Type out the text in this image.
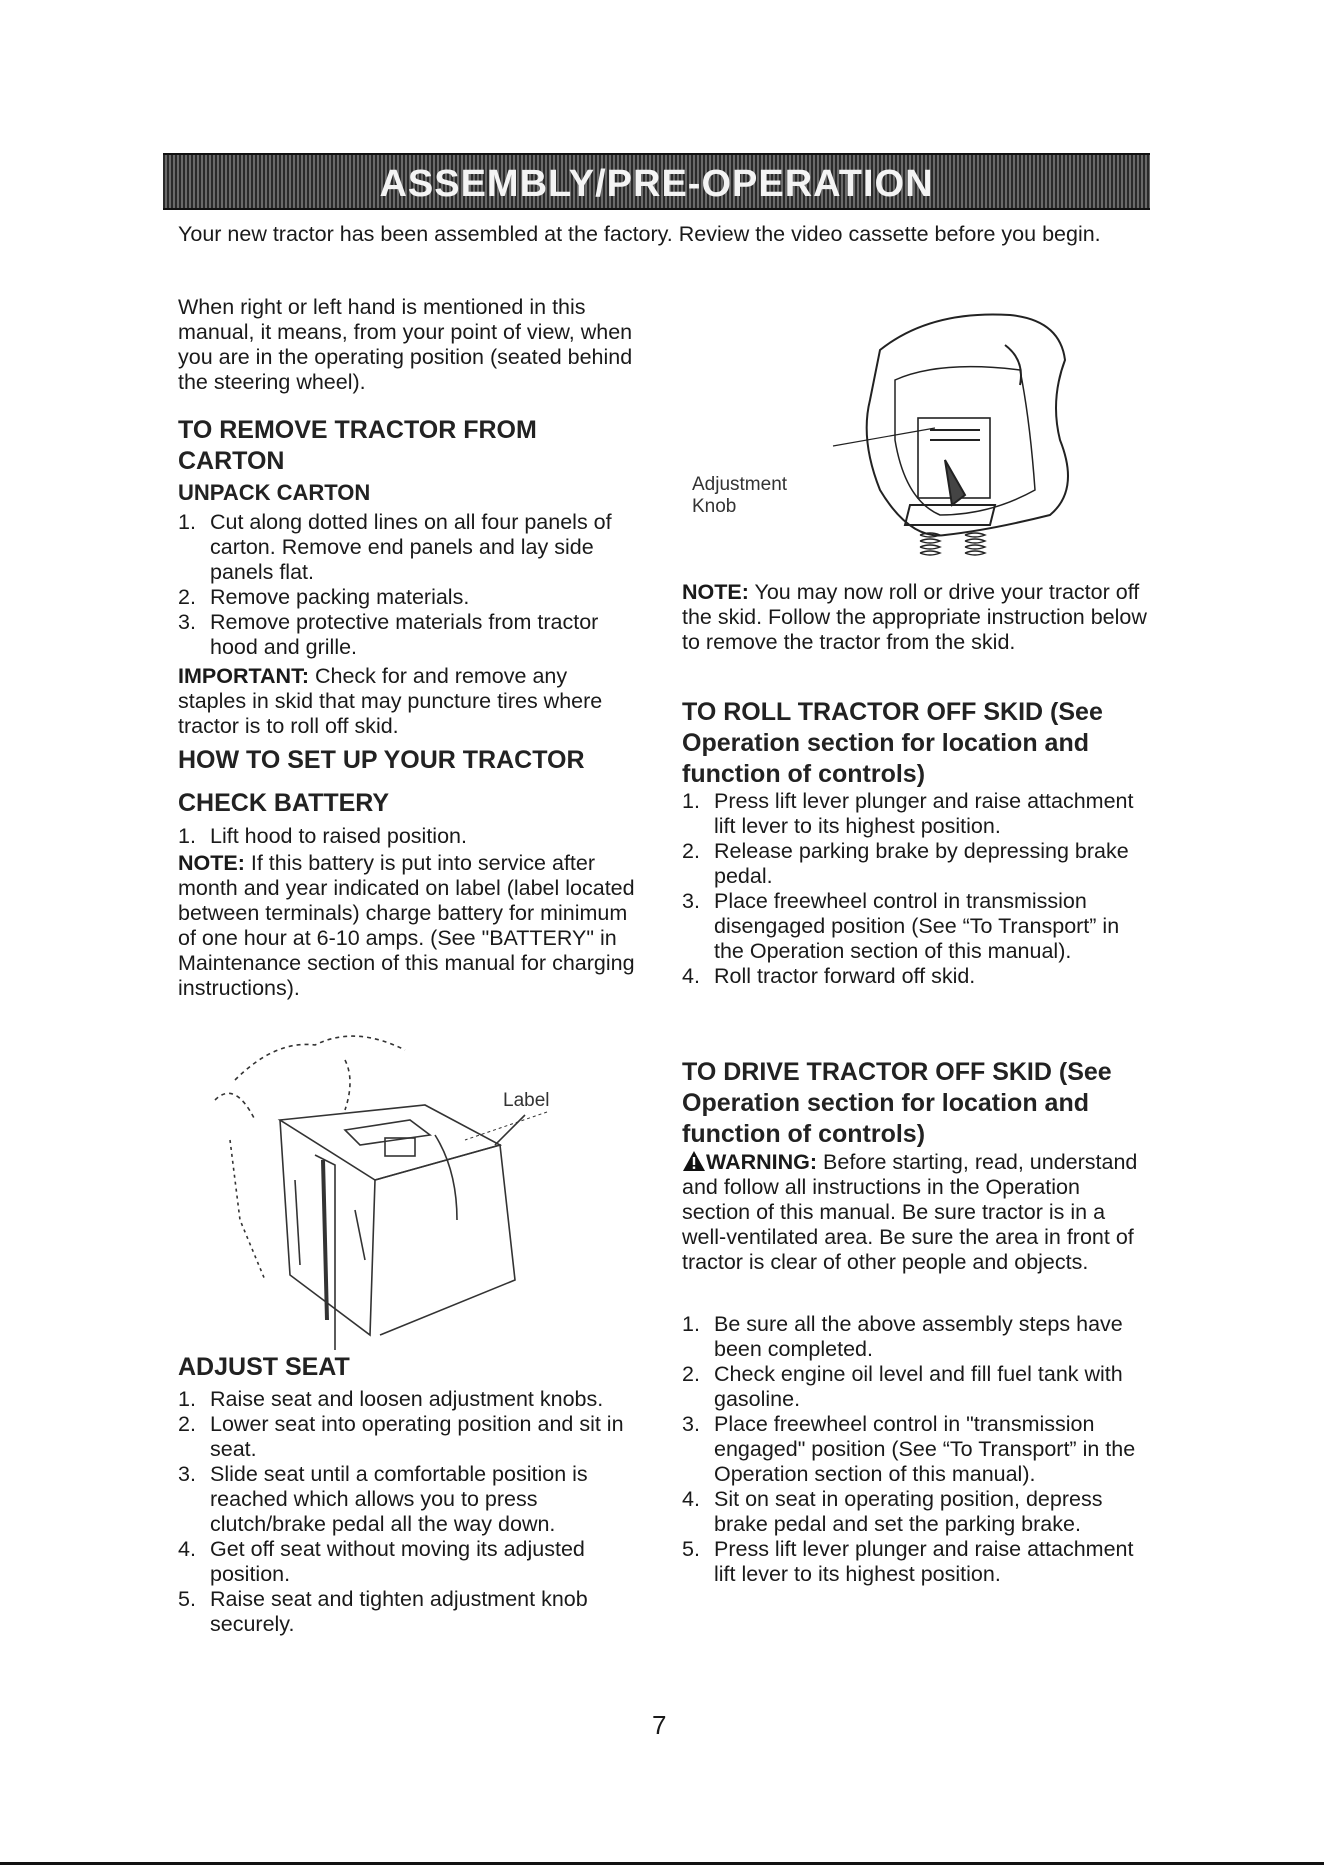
ASSEMBLY/PRE-OPERATION

Your new tractor has been assembled at the factory. Review the video cassette before you begin.

When right or left hand is mentioned in this manual, it means, from your point of view, when you are in the operating position (seated behind the steering wheel).

TO REMOVE TRACTOR FROM CARTON
UNPACK CARTON
1. Cut along dotted lines on all four panels of carton. Remove end panels and lay side panels flat.
2. Remove packing materials.
3. Remove protective materials from tractor hood and grille.

IMPORTANT: Check for and remove any staples in skid that may puncture tires where tractor is to roll off skid.

HOW TO SET UP YOUR TRACTOR
CHECK BATTERY
1. Lift hood to raised position.

NOTE: If this battery is put into service after month and year indicated on label (label located between terminals) charge battery for minimum of one hour at 6-10 amps. (See "BATTERY" in Maintenance section of this manual for charging instructions).

Label
ADJUST SEAT
1. Raise seat and loosen adjustment knobs.
2. Lower seat into operating position and sit in seat.
3. Slide seat until a comfortable position is reached which allows you to press clutch/brake pedal all the way down.
4. Get off seat without moving its adjusted position.
5. Raise seat and tighten adjustment knob securely.
Adjustment
Knob

NOTE: You may now roll or drive your tractor off the skid. Follow the appropriate instruction below to remove the tractor from the skid.

TO ROLL TRACTOR OFF SKID (See Operation section for location and function of controls)
1. Press lift lever plunger and raise attachment lift lever to its highest position.
2. Release parking brake by depressing brake pedal.
3. Place freewheel control in transmission disengaged position (See “To Transport” in the Operation section of this manual).
4. Roll tractor forward off skid.
TO DRIVE TRACTOR OFF SKID (See Operation section for location and function of controls)

WARNING: Before starting, read, understand and follow all instructions in the Operation section of this manual. Be sure tractor is in a well-ventilated area. Be sure the area in front of tractor is clear of other people and objects.

1. Be sure all the above assembly steps have been completed.
2. Check engine oil level and fill fuel tank with gasoline.
3. Place freewheel control in "transmission engaged" position (See “To Transport” in the Operation section of this manual).
4. Sit on seat in operating position, depress brake pedal and set the parking brake.
5. Press lift lever plunger and raise attachment lift lever to its highest position.
7
